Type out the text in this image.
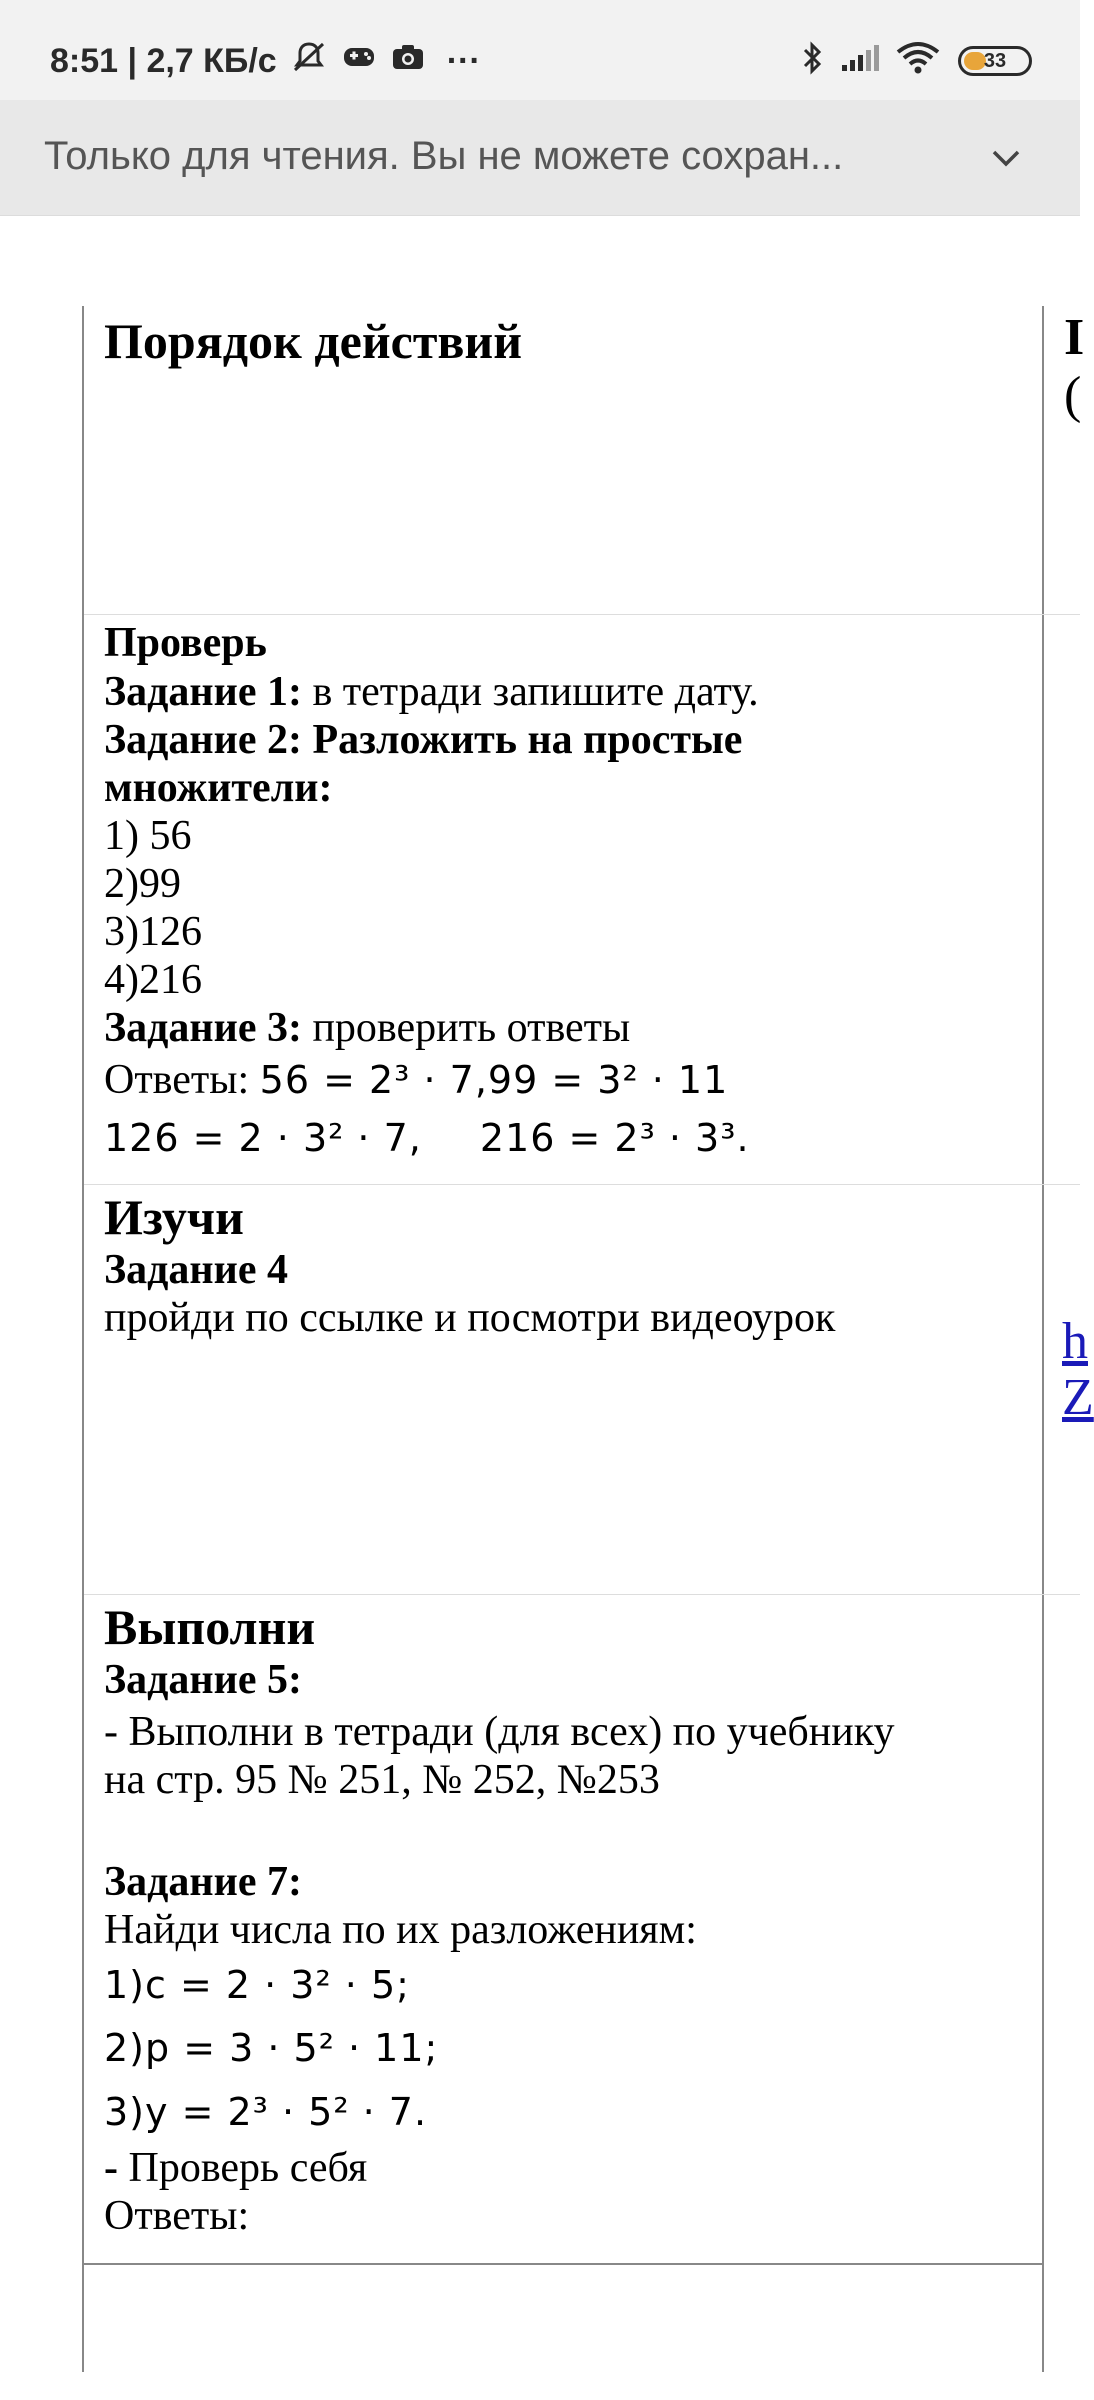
8:51 | 2,7 КБ/с	···	33
Только для чтения. Вы не можете сохран...
Порядок действий
Проверь
Задание 1: в тетради запишите дату.
Задание 2: Разложить на простые
множители:
1) 56
2)99
3)126
4)216
Задание 3: проверить ответы
Ответы: 56 = 2³ · 7,99 = 3² · 11
126 = 2 · 3² · 7, 216 = 2³ · 3³.
Изучи
Задание 4
пройди по ссылке и посмотри видеоурок
Выполни
Задание 5:
- Выполни в тетради (для всех) по учебнику
на стр. 95 № 251, № 252, №253
Задание 7:
Найди числа по их разложениям:
1)c = 2 · 3² · 5;
2)p = 3 · 5² · 11;
3)y = 2³ · 5² · 7.
- Проверь себя
Ответы:
I
(
h
Z
